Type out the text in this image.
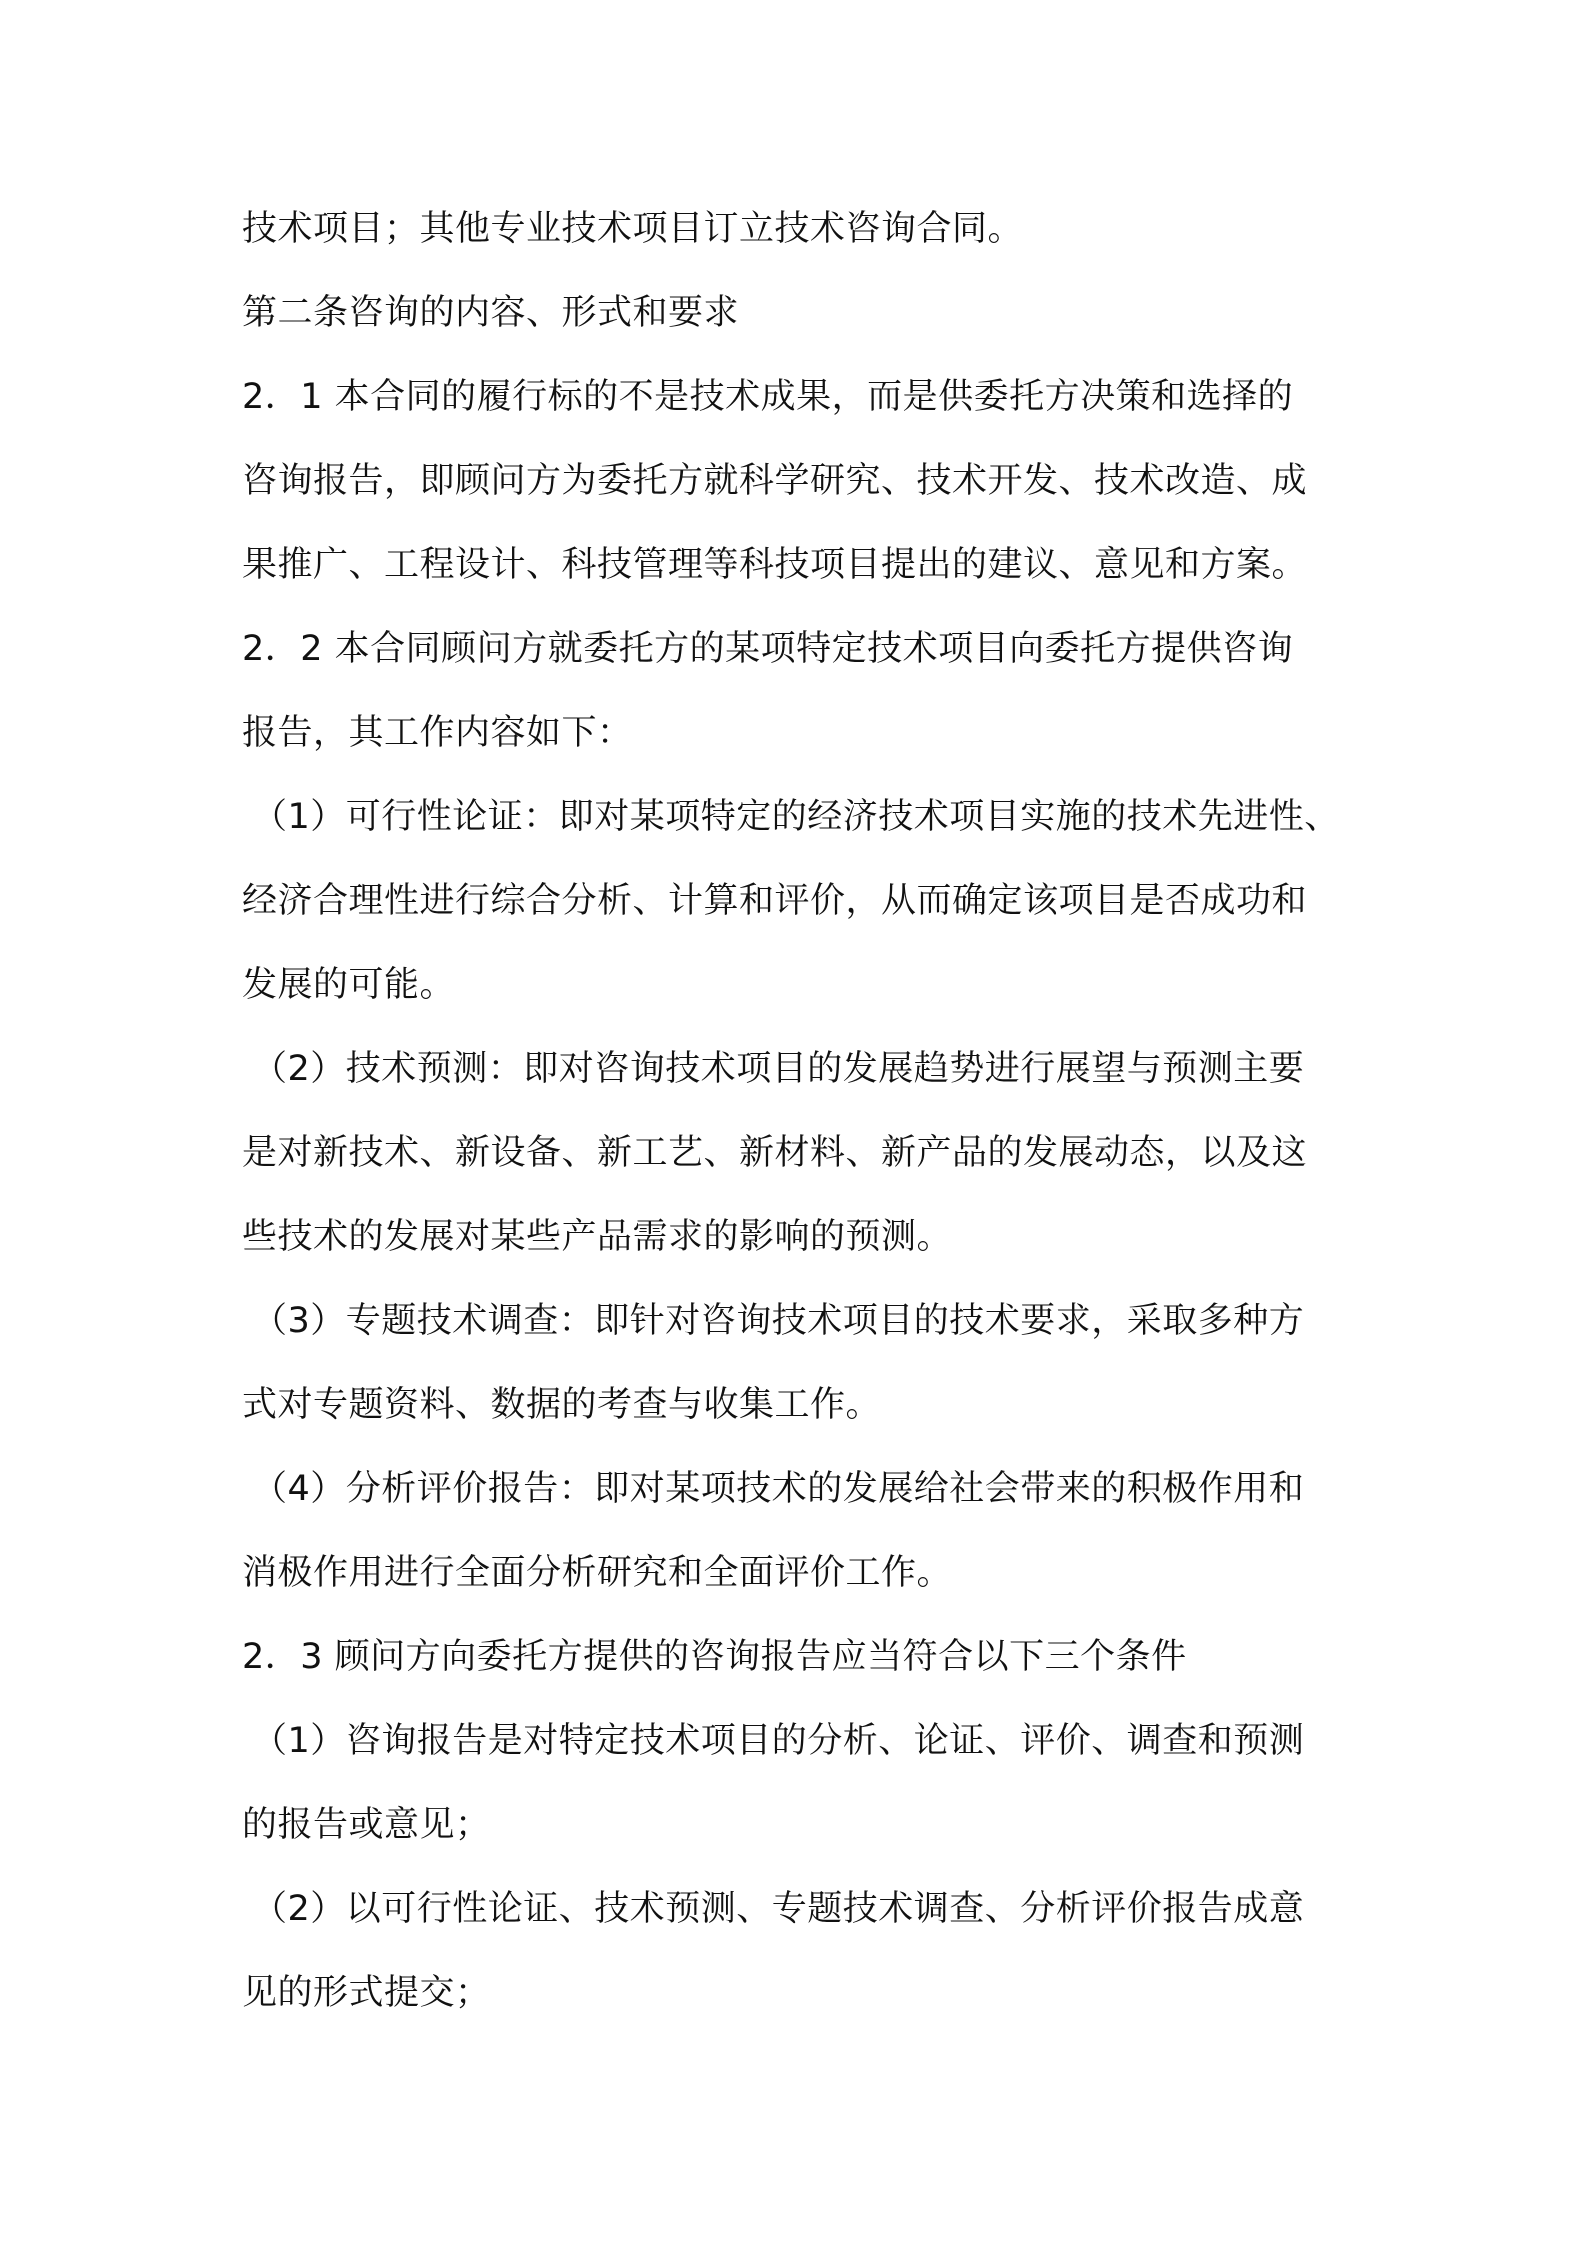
技术项目；其他专业技术项目订立技术咨询合同。

第二条咨询的内容、形式和要求

2．1 本合同的履行标的不是技术成果，而是供委托方决策和选择的

咨询报告，即顾问方为委托方就科学研究、技术开发、技术改造、成

果推广、工程设计、科技管理等科技项目提出的建议、意见和方案。

2．2 本合同顾问方就委托方的某项特定技术项目向委托方提供咨询

报告，其工作内容如下：

（1）可行性论证：即对某项特定的经济技术项目实施的技术先进性、

经济合理性进行综合分析、计算和评价，从而确定该项目是否成功和

发展的可能。

（2）技术预测：即对咨询技术项目的发展趋势进行展望与预测主要

是对新技术、新设备、新工艺、新材料、新产品的发展动态，以及这

些技术的发展对某些产品需求的影响的预测。

（3）专题技术调查：即针对咨询技术项目的技术要求，采取多种方

式对专题资料、数据的考查与收集工作。

（4）分析评价报告：即对某项技术的发展给社会带来的积极作用和

消极作用进行全面分析研究和全面评价工作。

2．3 顾问方向委托方提供的咨询报告应当符合以下三个条件

（1）咨询报告是对特定技术项目的分析、论证、评价、调查和预测

的报告或意见；

（2）以可行性论证、技术预测、专题技术调查、分析评价报告成意

见的形式提交；
